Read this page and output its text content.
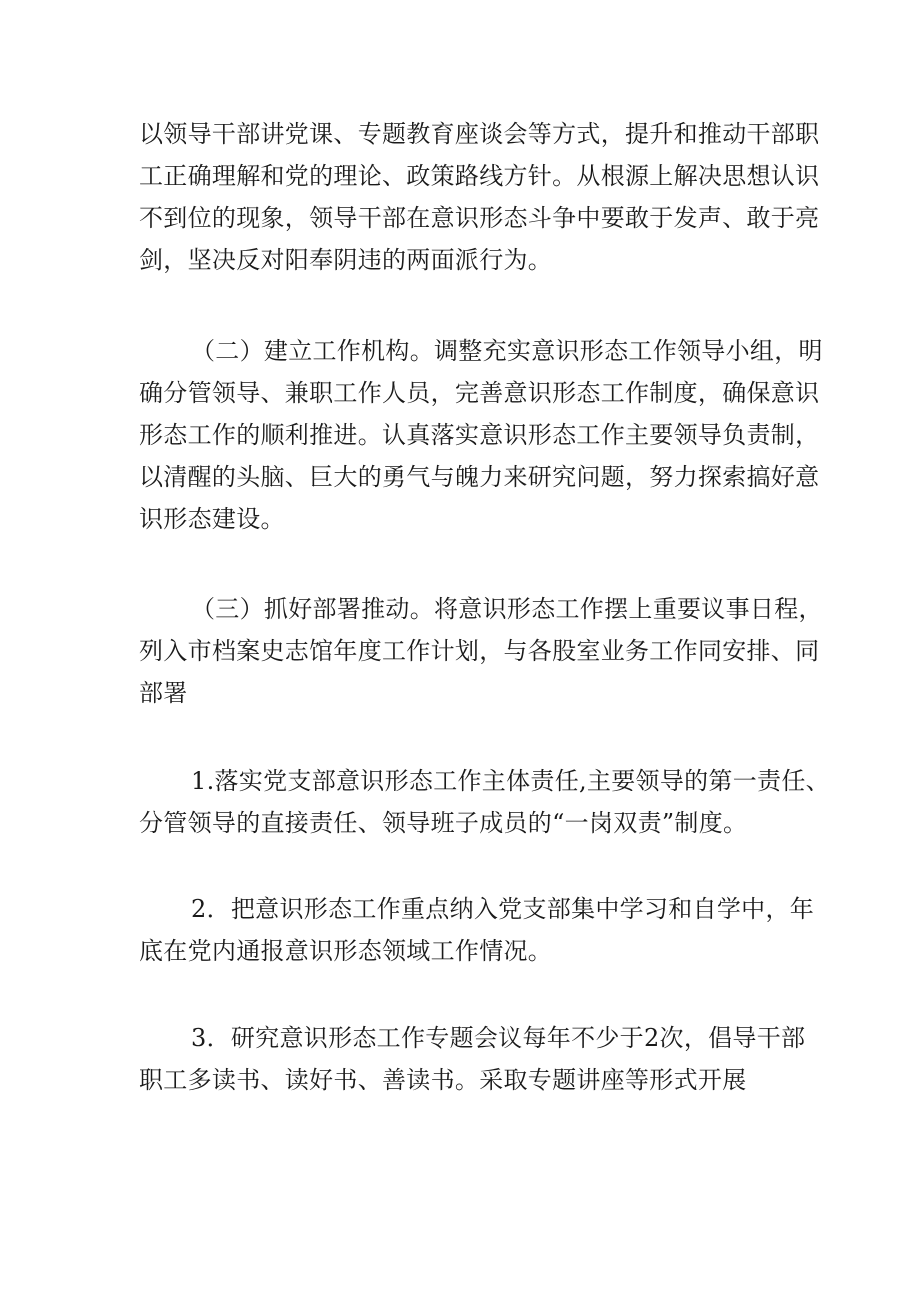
以领导干部讲党课、专题教育座谈会等方式，提升和推动干部职
工正确理解和党的理论、政策路线方针。从根源上解决思想认识
不到位的现象，领导干部在意识形态斗争中要敢于发声、敢于亮
剑，坚决反对阳奉阴违的两面派行为。
（二）建立工作机构。调整充实意识形态工作领导小组，明
确分管领导、兼职工作人员，完善意识形态工作制度，确保意识
形态工作的顺利推进。认真落实意识形态工作主要领导负责制，
以清醒的头脑、巨大的勇气与魄力来研究问题，努力探索搞好意
识形态建设。
（三）抓好部署推动。将意识形态工作摆上重要议事日程，
列入市档案史志馆年度工作计划，与各股室业务工作同安排、同
部署
1.落实党支部意识形态工作主体责任,主要领导的第一责任、
分管领导的直接责任、领导班子成员的“一岗双责”制度。
2．把意识形态工作重点纳入党支部集中学习和自学中，年
底在党内通报意识形态领域工作情况。
3．研究意识形态工作专题会议每年不少于2次，倡导干部
职工多读书、读好书、善读书。采取专题讲座等形式开展
